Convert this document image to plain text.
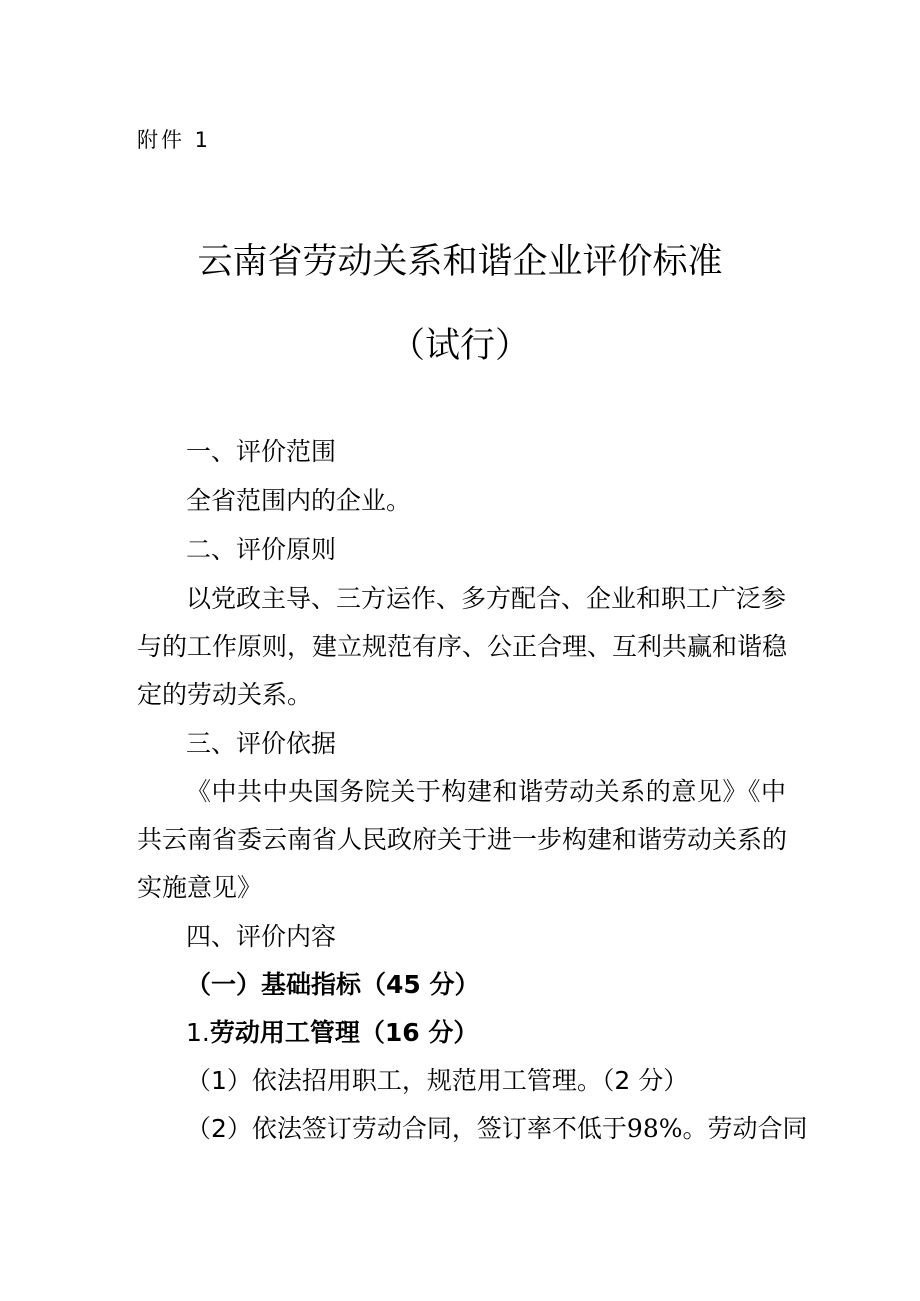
附件 1
云南省劳动关系和谐企业评价标准
（试行）
一、评价范围
全省范围内的企业。
二、评价原则
以党政主导、三方运作、多方配合、企业和职工广泛参
与的工作原则，建立规范有序、公正合理、互利共赢和谐稳
定的劳动关系。
三、评价依据
《中共中央国务院关于构建和谐劳动关系的意见》《中
共云南省委云南省人民政府关于进一步构建和谐劳动关系的
实施意见》
四、评价内容
（一）基础指标（45 分）
1.劳动用工管理（16 分）
（1）依法招用职工，规范用工管理。（2 分）
（2）依法签订劳动合同，签订率不低于98%。劳动合同
